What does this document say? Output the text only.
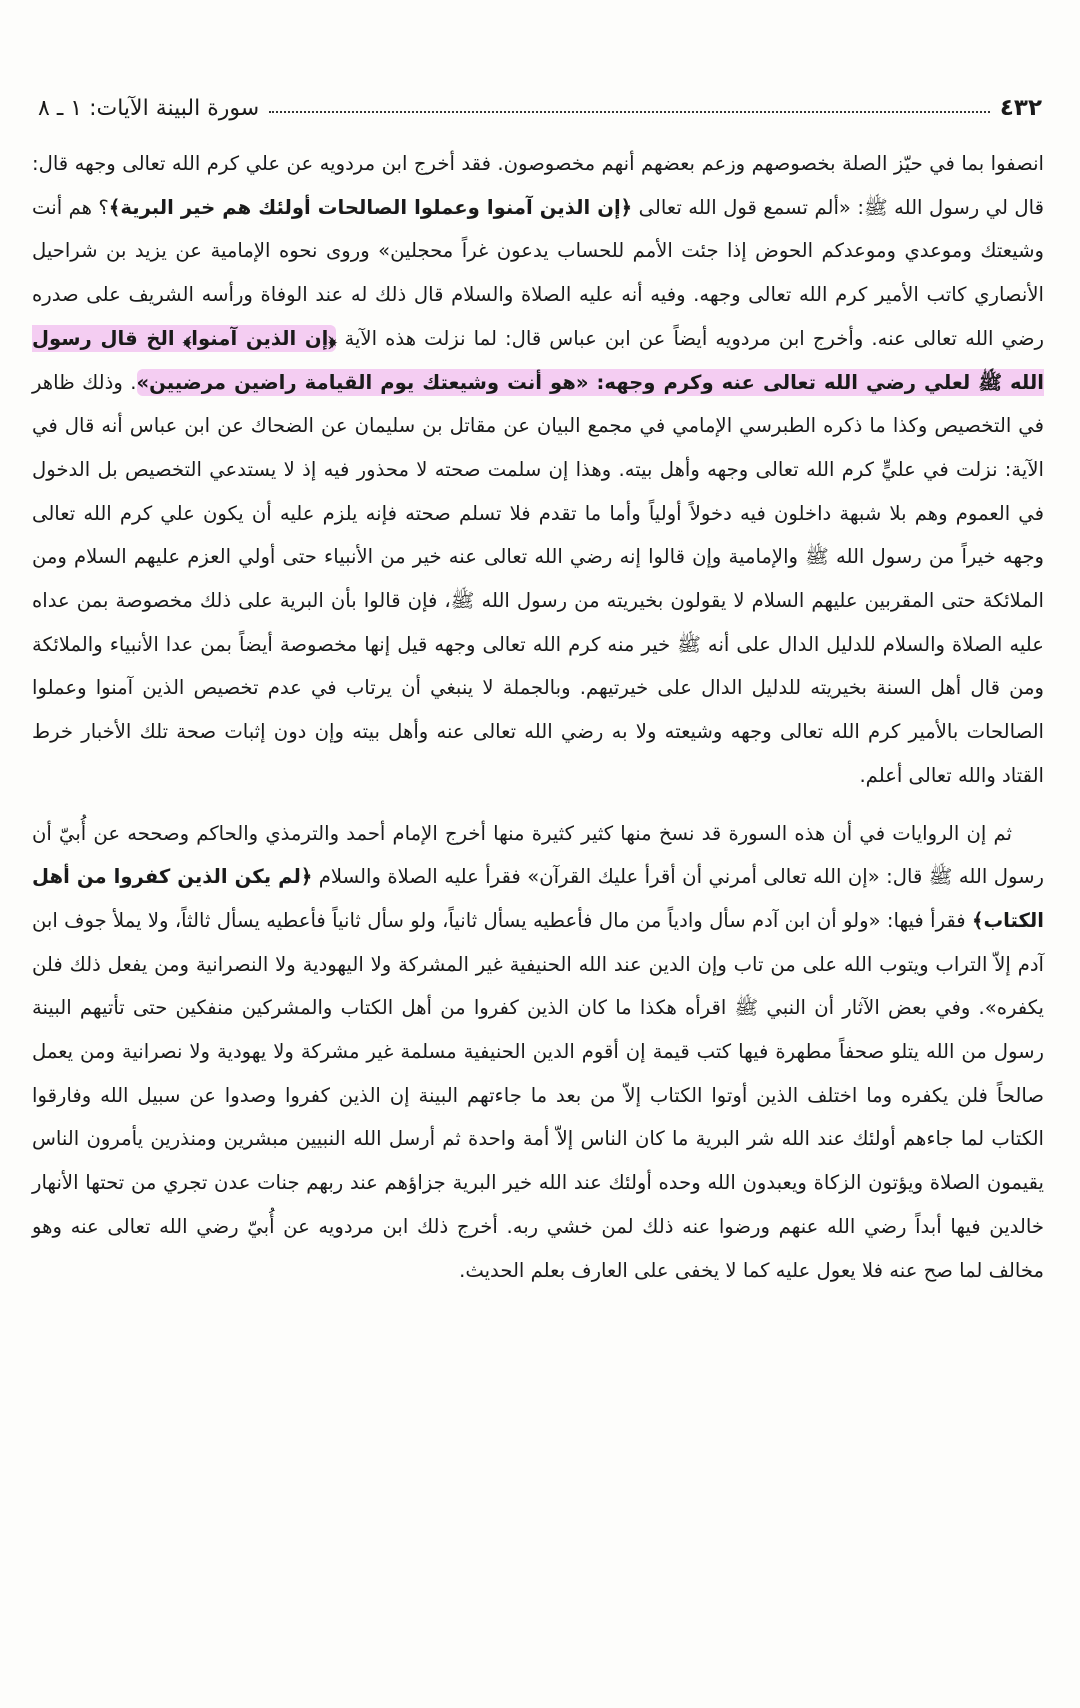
٤٣٢
سورة البينة الآيات: ١ ـ ٨

انصفوا بما في حيّز الصلة بخصوصهم وزعم بعضهم أنهم مخصوصون. فقد أخرج ابن مردويه عن علي كرم الله تعالى وجهه قال: قال لي رسول الله ﷺ: «ألم تسمع قول الله تعالى ﴿إن الذين آمنوا وعملوا الصالحات أولئك هم خير البرية﴾؟ هم أنت وشيعتك وموعدي وموعدكم الحوض إذا جئت الأمم للحساب يدعون غراً محجلين» وروى نحوه الإمامية عن يزيد بن شراحيل الأنصاري كاتب الأمير كرم الله تعالى وجهه. وفيه أنه عليه الصلاة والسلام قال ذلك له عند الوفاة ورأسه الشريف على صدره رضي الله تعالى عنه. وأخرج ابن مردويه أيضاً عن ابن عباس قال: لما نزلت هذه الآية ﴿إن الذين آمنوا﴾ الخ قال رسول الله ﷺ لعلي رضي الله تعالى عنه وكرم وجهه: «هو أنت وشيعتك يوم القيامة راضين مرضيين». وذلك ظاهر في التخصيص وكذا ما ذكره الطبرسي الإمامي في مجمع البيان عن مقاتل بن سليمان عن الضحاك عن ابن عباس أنه قال في الآية: نزلت في عليٍّ كرم الله تعالى وجهه وأهل بيته. وهذا إن سلمت صحته لا محذور فيه إذ لا يستدعي التخصيص بل الدخول في العموم وهم بلا شبهة داخلون فيه دخولاً أولياً وأما ما تقدم فلا تسلم صحته فإنه يلزم عليه أن يكون علي كرم الله تعالى وجهه خيراً من رسول الله ﷺ والإمامية وإن قالوا إنه رضي الله تعالى عنه خير من الأنبياء حتى أولي العزم عليهم السلام ومن الملائكة حتى المقربين عليهم السلام لا يقولون بخيريته من رسول الله ﷺ، فإن قالوا بأن البرية على ذلك مخصوصة بمن عداه عليه الصلاة والسلام للدليل الدال على أنه ﷺ خير منه كرم الله تعالى وجهه قيل إنها مخصوصة أيضاً بمن عدا الأنبياء والملائكة ومن قال أهل السنة بخيريته للدليل الدال على خيرتيهم. وبالجملة لا ينبغي أن يرتاب في عدم تخصيص الذين آمنوا وعملوا الصالحات بالأمير كرم الله تعالى وجهه وشيعته ولا به رضي الله تعالى عنه وأهل بيته وإن دون إثبات صحة تلك الأخبار خرط القتاد والله تعالى أعلم.

ثم إن الروايات في أن هذه السورة قد نسخ منها كثير كثيرة منها أخرج الإمام أحمد والترمذي والحاكم وصححه عن أُبيّ أن رسول الله ﷺ قال: «إن الله تعالى أمرني أن أقرأ عليك القرآن» فقرأ عليه الصلاة والسلام ﴿لم يكن الذين كفروا من أهل الكتاب﴾ فقرأ فيها: «ولو أن ابن آدم سأل وادياً من مال فأعطيه يسأل ثانياً، ولو سأل ثانياً فأعطيه يسأل ثالثاً، ولا يملأ جوف ابن آدم إلاّ التراب ويتوب الله على من تاب وإن الدين عند الله الحنيفية غير المشركة ولا اليهودية ولا النصرانية ومن يفعل ذلك فلن يكفره». وفي بعض الآثار أن النبي ﷺ اقرأه هكذا ما كان الذين كفروا من أهل الكتاب والمشركين منفكين حتى تأتيهم البينة رسول من الله يتلو صحفاً مطهرة فيها كتب قيمة إن أقوم الدين الحنيفية مسلمة غير مشركة ولا يهودية ولا نصرانية ومن يعمل صالحاً فلن يكفره وما اختلف الذين أوتوا الكتاب إلاّ من بعد ما جاءتهم البينة إن الذين كفروا وصدوا عن سبيل الله وفارقوا الكتاب لما جاءهم أولئك عند الله شر البرية ما كان الناس إلاّ أمة واحدة ثم أرسل الله النبيين مبشرين ومنذرين يأمرون الناس يقيمون الصلاة ويؤتون الزكاة ويعبدون الله وحده أولئك عند الله خير البرية جزاؤهم عند ربهم جنات عدن تجري من تحتها الأنهار خالدين فيها أبداً رضي الله عنهم ورضوا عنه ذلك لمن خشي ربه. أخرج ذلك ابن مردويه عن أُبيّ رضي الله تعالى عنه وهو مخالف لما صح عنه فلا يعول عليه كما لا يخفى على العارف بعلم الحديث.
